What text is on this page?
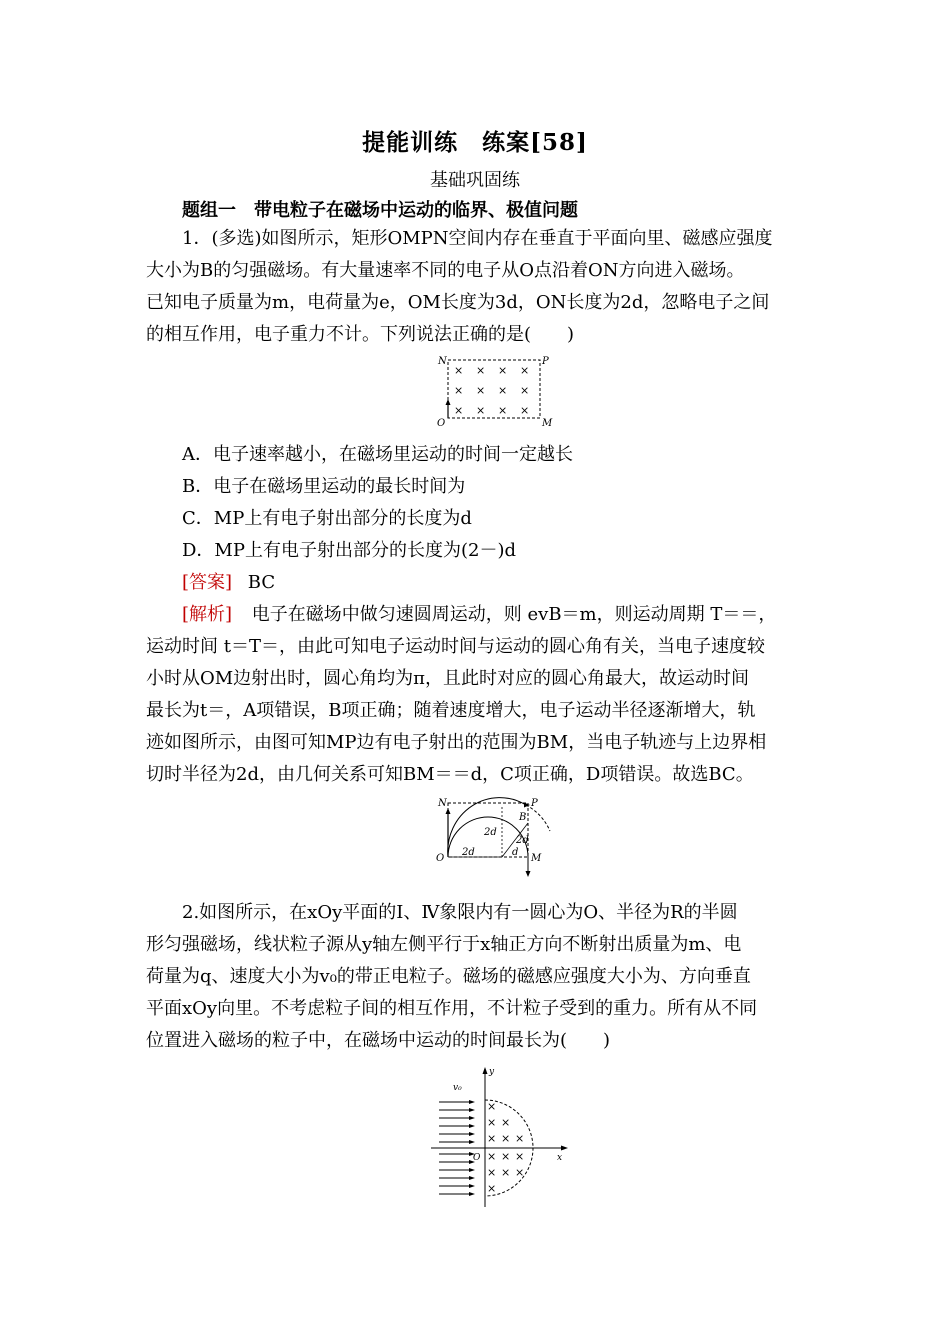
提能训练　练案[58]
基础巩固练
题组一　带电粒子在磁场中运动的临界、极值问题
1．(多选)如图所示，矩形OMPN空间内存在垂直于平面向里、磁感应强度
大小为B的匀强磁场。有大量速率不同的电子从O点沿着ON方向进入磁场。
已知电子质量为m，电荷量为e，OM长度为3d，ON长度为2d，忽略电子之间
的相互作用，电子重力不计。下列说法正确的是(　　)
× × × ×
× × × ×
× × × ×
N	P
O	M
A．电子速率越小，在磁场里运动的时间一定越长
B．电子在磁场里运动的最长时间为
C．MP上有电子射出部分的长度为d
D．MP上有电子射出部分的长度为(2－)d
[答案] BC
[解析] 电子在磁场中做匀速圆周运动，则 evB＝m，则运动周期 T＝＝，
运动时间 t＝T＝，由此可知电子运动时间与运动的圆心角有关，当电子速度较
小时从OM边射出时，圆心角均为π，且此时对应的圆心角最大，故运动时间
最长为t＝，A项错误，B项正确；随着速度增大，电子运动半径逐渐增大，轨
迹如图所示，由图可知MP边有电子射出的范围为BM，当电子轨迹与上边界相
切时半径为2d，由几何关系可知BM＝＝d，C项正确，D项错误。故选BC。
N	P
B
O	M
d
2d
2d
2d
2.如图所示，在xOy平面的Ⅰ、Ⅳ象限内有一圆心为O、半径为R的半圆
形匀强磁场，线状粒子源从y轴左侧平行于x轴正方向不断射出质量为m、电
荷量为q、速度大小为v₀的带正电粒子。磁场的磁感应强度大小为、方向垂直
平面xOy向里。不考虑粒子间的相互作用，不计粒子受到的重力。所有从不同
位置进入磁场的粒子中，在磁场中运动的时间最长为(　　)
×
× ×
× × ×
× × ×
× × ×
×
v₀
y
x
O
